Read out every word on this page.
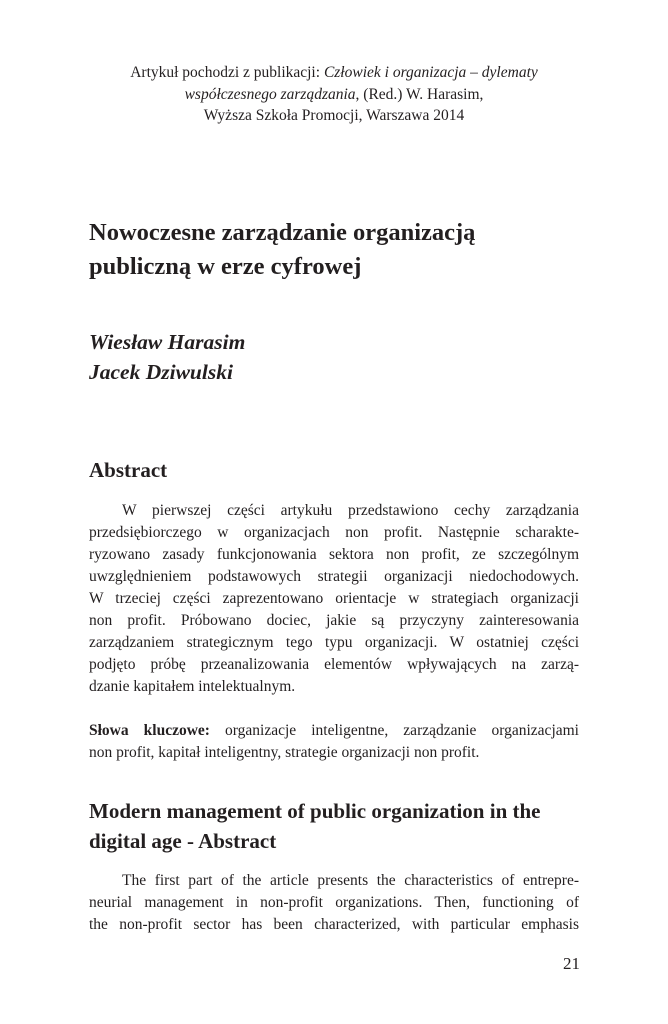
Artykuł pochodzi z publikacji: Człowiek i organizacja – dylematy
współczesnego zarządzania, (Red.) W. Harasim,
Wyższa Szkoła Promocji, Warszawa 2014
Nowoczesne zarządzanie organizacją
publiczną w erze cyfrowej
Wiesław Harasim
Jacek Dziwulski
Abstract
W pierwszej części artykułu przedstawiono cechy zarządzania
przedsiębiorczego w organizacjach non profit. Następnie scharakte-
ryzowano zasady funkcjonowania sektora non profit, ze szczególnym
uwzględnieniem podstawowych strategii organizacji niedochodowych.
W trzeciej części zaprezentowano orientacje w strategiach organizacji
non profit. Próbowano dociec, jakie są przyczyny zainteresowania
zarządzaniem strategicznym tego typu organizacji. W ostatniej części
podjęto próbę przeanalizowania elementów wpływających na zarzą-
dzanie kapitałem intelektualnym.
Słowa kluczowe: organizacje inteligentne, zarządzanie organizacjami
non profit, kapitał inteligentny, strategie organizacji non profit.
Modern management of public organization in the
digital age - Abstract
The first part of the article presents the characteristics of entrepre-
neurial management in non-profit organizations. Then, functioning of
the non-profit sector has been characterized, with particular emphasis
21
